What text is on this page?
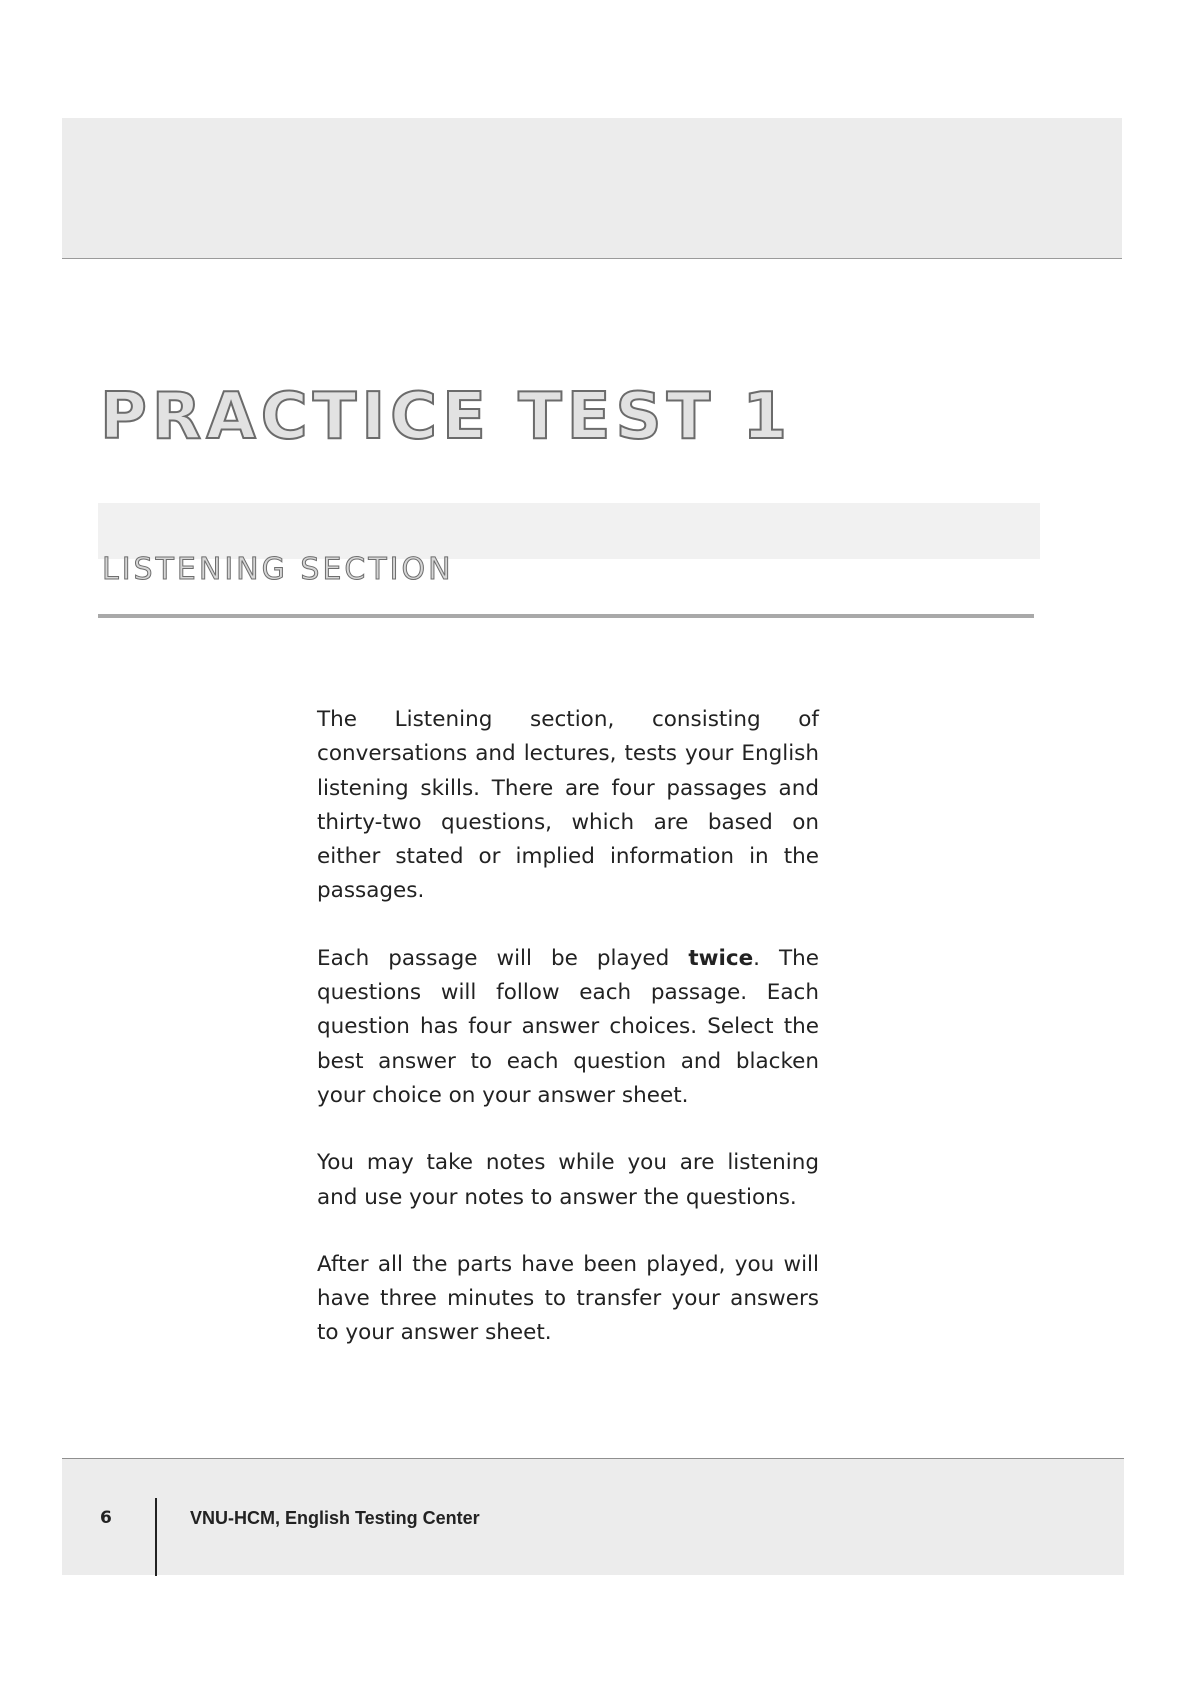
PRACTICE TEST 1
LISTENING SECTION

The Listening section, consisting of conversations and lectures, tests your English listening skills. There are four passages and thirty-two questions, which are based on either stated or implied information in the passages.

Each passage will be played twice. The questions will follow each passage. Each question has four answer choices. Select the best answer to each question and blacken your choice on your answer sheet.

You may take notes while you are listening and use your notes to answer the questions.

After all the parts have been played, you will have three minutes to transfer your answers to your answer sheet.

6	VNU-HCM, English Testing Center
